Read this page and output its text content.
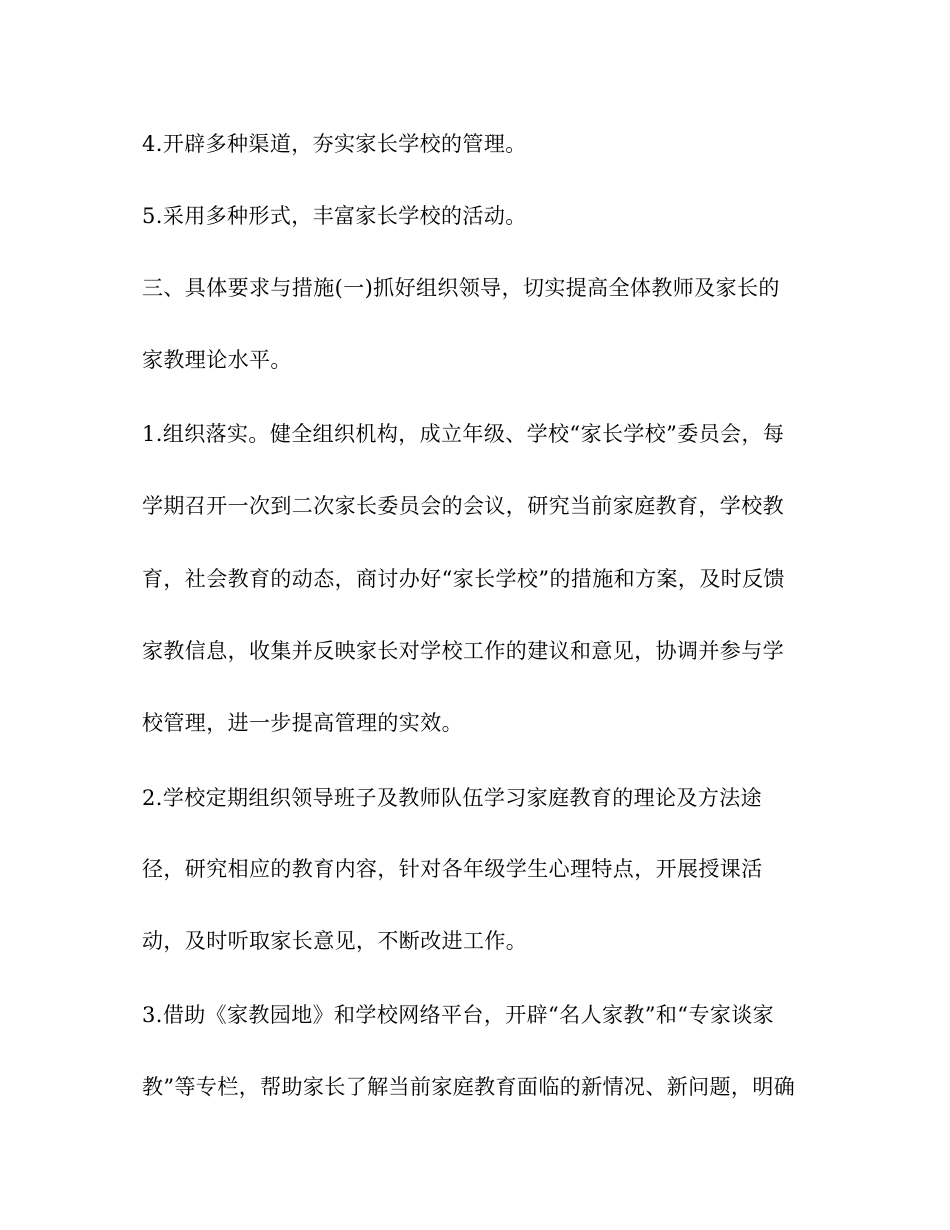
4.开辟多种渠道，夯实家长学校的管理。

5.采用多种形式，丰富家长学校的活动。

三、具体要求与措施(一)抓好组织领导，切实提高全体教师及家长的

家教理论水平。

1.组织落实。健全组织机构，成立年级、学校“家长学校”委员会，每

学期召开一次到二次家长委员会的会议，研究当前家庭教育，学校教

育，社会教育的动态，商讨办好“家长学校”的措施和方案，及时反馈

家教信息，收集并反映家长对学校工作的建议和意见，协调并参与学

校管理，进一步提高管理的实效。

2.学校定期组织领导班子及教师队伍学习家庭教育的理论及方法途

径，研究相应的教育内容，针对各年级学生心理特点，开展授课活

动，及时听取家长意见，不断改进工作。

3.借助《家教园地》和学校网络平台，开辟“名人家教”和“专家谈家

教”等专栏，帮助家长了解当前家庭教育面临的新情况、新问题，明确
